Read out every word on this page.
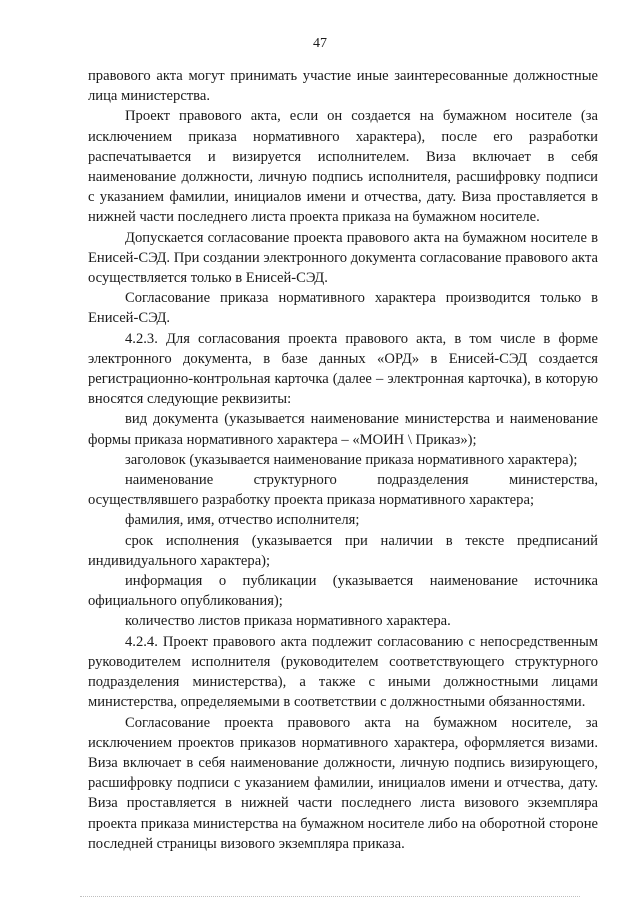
47

правового акта могут принимать участие иные заинтересованные должностные лица министерства.

Проект правового акта, если он создается на бумажном носителе (за исключением приказа нормативного характера), после его разработки распечатывается и визируется исполнителем. Виза включает в себя наименование должности, личную подпись исполнителя, расшифровку подписи с указанием фамилии, инициалов имени и отчества, дату. Виза проставляется в нижней части последнего листа проекта приказа на бумажном носителе.

Допускается согласование проекта правового акта на бумажном носителе в Енисей-СЭД. При создании электронного документа согласование правового акта осуществляется только в Енисей-СЭД.

Согласование приказа нормативного характера производится только в Енисей-СЭД.

4.2.3. Для согласования проекта правового акта, в том числе в форме электронного документа, в базе данных «ОРД» в Енисей-СЭД создается регистрационно-контрольная карточка (далее – электронная карточка), в которую вносятся следующие реквизиты:

вид документа (указывается наименование министерства и наименование формы приказа нормативного характера – «МОИН \ Приказ»);

заголовок (указывается наименование приказа нормативного характера);

наименование структурного подразделения министерства, осуществлявшего разработку проекта приказа нормативного характера;

фамилия, имя, отчество исполнителя;

срок исполнения (указывается при наличии в тексте предписаний индивидуального характера);

информация о публикации (указывается наименование источника официального опубликования);

количество листов приказа нормативного характера.

4.2.4. Проект правового акта подлежит согласованию с непосредственным руководителем исполнителя (руководителем соответствующего структурного подразделения министерства), а также с иными должностными лицами министерства, определяемыми в соответствии с должностными обязанностями.

Согласование проекта правового акта на бумажном носителе, за исключением проектов приказов нормативного характера, оформляется визами. Виза включает в себя наименование должности, личную подпись визирующего, расшифровку подписи с указанием фамилии, инициалов имени и отчества, дату. Виза проставляется в нижней части последнего листа визового экземпляра проекта приказа министерства на бумажном носителе либо на оборотной стороне последней страницы визового экземпляра приказа.
